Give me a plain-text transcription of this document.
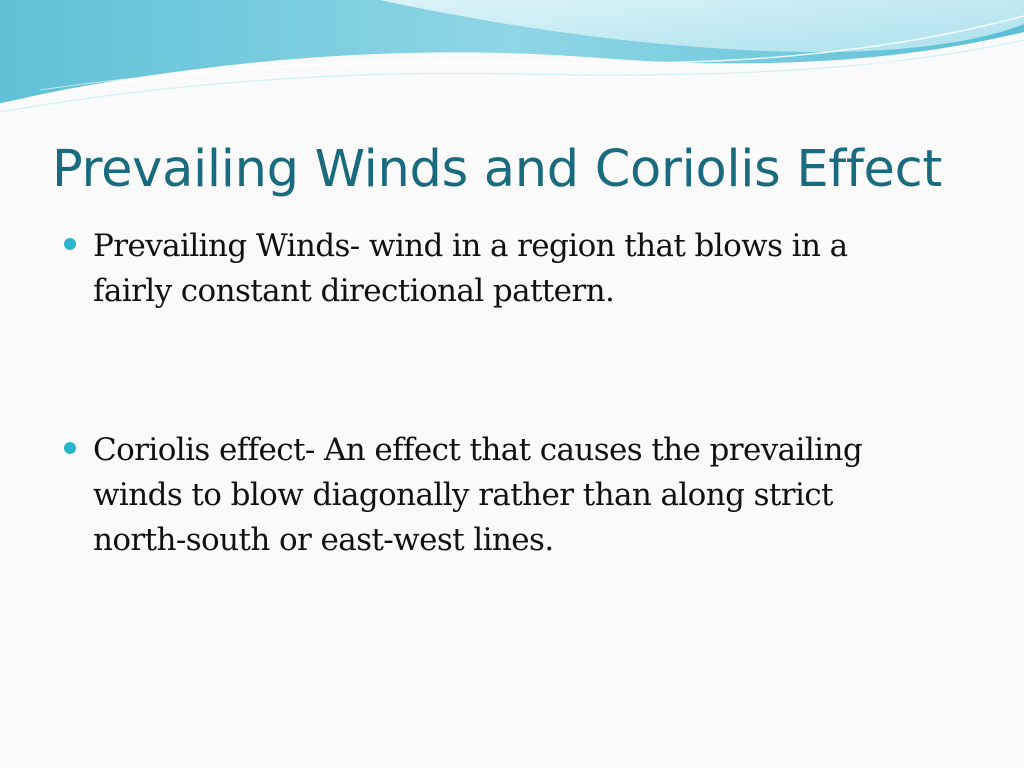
Prevailing Winds and Coriolis Effect

Prevailing Winds- wind in a region that blows in a fairly constant directional pattern.

Coriolis effect- An effect that causes the prevailing winds to blow diagonally rather than along strict north-south or east-west lines.
